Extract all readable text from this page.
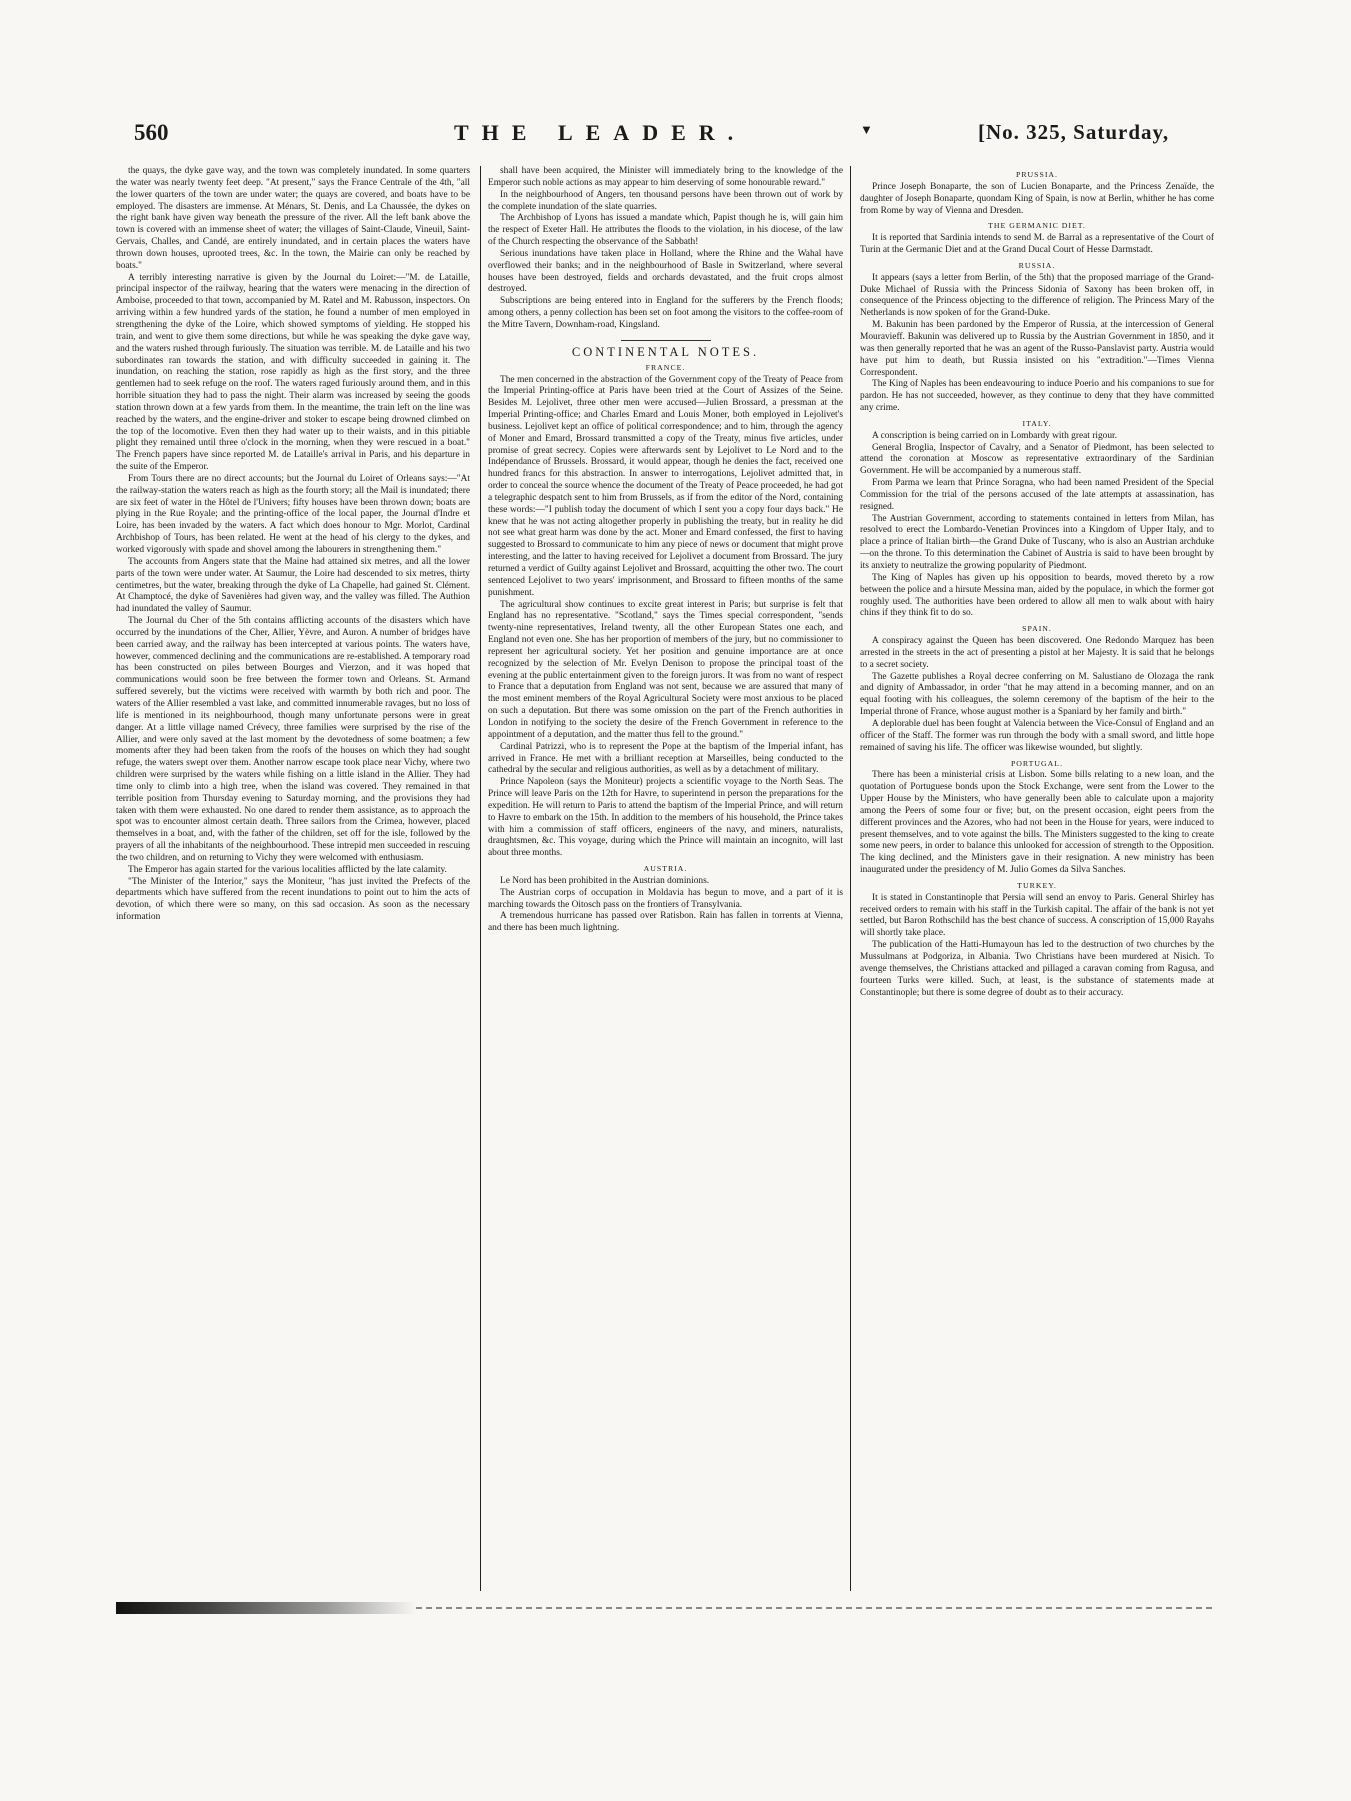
560	THE LEADER.	▼	[No. 325, Saturday,

the quays, the dyke gave way, and the town was completely inundated. In some quarters the water was nearly twenty feet deep. "At present," says the France Centrale of the 4th, "all the lower quarters of the town are under water; the quays are covered, and boats have to be employed. The disasters are immense. At Ménars, St. Denis, and La Chaussée, the dykes on the right bank have given way beneath the pressure of the river. All the left bank above the town is covered with an immense sheet of water; the villages of Saint-Claude, Vineuil, Saint-Gervais, Challes, and Candé, are entirely inundated, and in certain places the waters have thrown down houses, uprooted trees, &c. In the town, the Mairie can only be reached by boats."

A terribly interesting narrative is given by the Journal du Loiret:—"M. de Lataille, principal inspector of the railway, hearing that the waters were menacing in the direction of Amboise, proceeded to that town, accompanied by M. Ratel and M. Rabusson, inspectors. On arriving within a few hundred yards of the station, he found a number of men employed in strengthening the dyke of the Loire, which showed symptoms of yielding. He stopped his train, and went to give them some directions, but while he was speaking the dyke gave way, and the waters rushed through furiously. The situation was terrible. M. de Lataille and his two subordinates ran towards the station, and with difficulty succeeded in gaining it. The inundation, on reaching the station, rose rapidly as high as the first story, and the three gentlemen had to seek refuge on the roof. The waters raged furiously around them, and in this horrible situation they had to pass the night. Their alarm was increased by seeing the goods station thrown down at a few yards from them. In the meantime, the train left on the line was reached by the waters, and the engine-driver and stoker to escape being drowned climbed on the top of the locomotive. Even then they had water up to their waists, and in this pitiable plight they remained until three o'clock in the morning, when they were rescued in a boat." The French papers have since reported M. de Lataille's arrival in Paris, and his departure in the suite of the Emperor.

From Tours there are no direct accounts; but the Journal du Loiret of Orleans says:—"At the railway-station the waters reach as high as the fourth story; all the Mail is inundated; there are six feet of water in the Hôtel de l'Univers; fifty houses have been thrown down; boats are plying in the Rue Royale; and the printing-office of the local paper, the Journal d'Indre et Loire, has been invaded by the waters. A fact which does honour to Mgr. Morlot, Cardinal Archbishop of Tours, has been related. He went at the head of his clergy to the dykes, and worked vigorously with spade and shovel among the labourers in strengthening them."

The accounts from Angers state that the Maine had attained six metres, and all the lower parts of the town were under water. At Saumur, the Loire had descended to six metres, thirty centimetres, but the water, breaking through the dyke of La Chapelle, had gained St. Clément. At Champtocé, the dyke of Savenières had given way, and the valley was filled. The Authion had inundated the valley of Saumur.

The Journal du Cher of the 5th contains afflicting accounts of the disasters which have occurred by the inundations of the Cher, Allier, Yèvre, and Auron. A number of bridges have been carried away, and the railway has been intercepted at various points. The waters have, however, commenced declining and the communications are re-established. A temporary road has been constructed on piles between Bourges and Vierzon, and it was hoped that communications would soon be free between the former town and Orleans. St. Armand suffered severely, but the victims were received with warmth by both rich and poor. The waters of the Allier resembled a vast lake, and committed innumerable ravages, but no loss of life is mentioned in its neighbourhood, though many unfortunate persons were in great danger. At a little village named Crévecy, three families were surprised by the rise of the Allier, and were only saved at the last moment by the devotedness of some boatmen; a few moments after they had been taken from the roofs of the houses on which they had sought refuge, the waters swept over them. Another narrow escape took place near Vichy, where two children were surprised by the waters while fishing on a little island in the Allier. They had time only to climb into a high tree, when the island was covered. They remained in that terrible position from Thursday evening to Saturday morning, and the provisions they had taken with them were exhausted. No one dared to render them assistance, as to approach the spot was to encounter almost certain death. Three sailors from the Crimea, however, placed themselves in a boat, and, with the father of the children, set off for the isle, followed by the prayers of all the inhabitants of the neighbourhood. These intrepid men succeeded in rescuing the two children, and on returning to Vichy they were welcomed with enthusiasm.

The Emperor has again started for the various localities afflicted by the late calamity.

"The Minister of the Interior," says the Moniteur, "has just invited the Prefects of the departments which have suffered from the recent inundations to point out to him the acts of devotion, of which there were so many, on this sad occasion. As soon as the necessary information

shall have been acquired, the Minister will immediately bring to the knowledge of the Emperor such noble actions as may appear to him deserving of some honourable reward."

In the neighbourhood of Angers, ten thousand persons have been thrown out of work by the complete inundation of the slate quarries.

The Archbishop of Lyons has issued a mandate which, Papist though he is, will gain him the respect of Exeter Hall. He attributes the floods to the violation, in his diocese, of the law of the Church respecting the observance of the Sabbath!

Serious inundations have taken place in Holland, where the Rhine and the Wahal have overflowed their banks; and in the neighbourhood of Basle in Switzerland, where several houses have been destroyed, fields and orchards devastated, and the fruit crops almost destroyed.

Subscriptions are being entered into in England for the sufferers by the French floods; among others, a penny collection has been set on foot among the visitors to the coffee-room of the Mitre Tavern, Downham-road, Kingsland.

CONTINENTAL NOTES.

FRANCE.

The men concerned in the abstraction of the Government copy of the Treaty of Peace from the Imperial Printing-office at Paris have been tried at the Court of Assizes of the Seine. Besides M. Lejolivet, three other men were accused—Julien Brossard, a pressman at the Imperial Printing-office; and Charles Emard and Louis Moner, both employed in Lejolivet's business. Lejolivet kept an office of political correspondence; and to him, through the agency of Moner and Emard, Brossard transmitted a copy of the Treaty, minus five articles, under promise of great secrecy. Copies were afterwards sent by Lejolivet to Le Nord and to the Indépendance of Brussels. Brossard, it would appear, though he denies the fact, received one hundred francs for this abstraction. In answer to interrogations, Lejolivet admitted that, in order to conceal the source whence the document of the Treaty of Peace proceeded, he had got a telegraphic despatch sent to him from Brussels, as if from the editor of the Nord, containing these words:—"I publish today the document of which I sent you a copy four days back." He knew that he was not acting altogether properly in publishing the treaty, but in reality he did not see what great harm was done by the act. Moner and Emard confessed, the first to having suggested to Brossard to communicate to him any piece of news or document that might prove interesting, and the latter to having received for Lejolivet a document from Brossard. The jury returned a verdict of Guilty against Lejolivet and Brossard, acquitting the other two. The court sentenced Lejolivet to two years' imprisonment, and Brossard to fifteen months of the same punishment.

The agricultural show continues to excite great interest in Paris; but surprise is felt that England has no representative. "Scotland," says the Times special correspondent, "sends twenty-nine representatives, Ireland twenty, all the other European States one each, and England not even one. She has her proportion of members of the jury, but no commissioner to represent her agricultural society. Yet her position and genuine importance are at once recognized by the selection of Mr. Evelyn Denison to propose the principal toast of the evening at the public entertainment given to the foreign jurors. It was from no want of respect to France that a deputation from England was not sent, because we are assured that many of the most eminent members of the Royal Agricultural Society were most anxious to be placed on such a deputation. But there was some omission on the part of the French authorities in London in notifying to the society the desire of the French Government in reference to the appointment of a deputation, and the matter thus fell to the ground."

Cardinal Patrizzi, who is to represent the Pope at the baptism of the Imperial infant, has arrived in France. He met with a brilliant reception at Marseilles, being conducted to the cathedral by the secular and religious authorities, as well as by a detachment of military.

Prince Napoleon (says the Moniteur) projects a scientific voyage to the North Seas. The Prince will leave Paris on the 12th for Havre, to superintend in person the preparations for the expedition. He will return to Paris to attend the baptism of the Imperial Prince, and will return to Havre to embark on the 15th. In addition to the members of his household, the Prince takes with him a commission of staff officers, engineers of the navy, and miners, naturalists, draughtsmen, &c. This voyage, during which the Prince will maintain an incognito, will last about three months.

AUSTRIA.

Le Nord has been prohibited in the Austrian dominions.

The Austrian corps of occupation in Moldavia has begun to move, and a part of it is marching towards the Oitosch pass on the frontiers of Transylvania.

A tremendous hurricane has passed over Ratisbon. Rain has fallen in torrents at Vienna, and there has been much lightning.

PRUSSIA.

Prince Joseph Bonaparte, the son of Lucien Bonaparte, and the Princess Zenaïde, the daughter of Joseph Bonaparte, quondam King of Spain, is now at Berlin, whither he has come from Rome by way of Vienna and Dresden.

THE GERMANIC DIET.

It is reported that Sardinia intends to send M. de Barral as a representative of the Court of Turin at the Germanic Diet and at the Grand Ducal Court of Hesse Darmstadt.

RUSSIA.

It appears (says a letter from Berlin, of the 5th) that the proposed marriage of the Grand-Duke Michael of Russia with the Princess Sidonia of Saxony has been broken off, in consequence of the Princess objecting to the difference of religion. The Princess Mary of the Netherlands is now spoken of for the Grand-Duke.

M. Bakunin has been pardoned by the Emperor of Russia, at the intercession of General Mouravieff. Bakunin was delivered up to Russia by the Austrian Government in 1850, and it was then generally reported that he was an agent of the Russo-Panslavist party. Austria would have put him to death, but Russia insisted on his "extradition."—Times Vienna Correspondent.

The King of Naples has been endeavouring to induce Poerio and his companions to sue for pardon. He has not succeeded, however, as they continue to deny that they have committed any crime.

ITALY.

A conscription is being carried on in Lombardy with great rigour.

General Broglia, Inspector of Cavalry, and a Senator of Piedmont, has been selected to attend the coronation at Moscow as representative extraordinary of the Sardinian Government. He will be accompanied by a numerous staff.

From Parma we learn that Prince Soragna, who had been named President of the Special Commission for the trial of the persons accused of the late attempts at assassination, has resigned.

The Austrian Government, according to statements contained in letters from Milan, has resolved to erect the Lombardo-Venetian Provinces into a Kingdom of Upper Italy, and to place a prince of Italian birth—the Grand Duke of Tuscany, who is also an Austrian archduke—on the throne. To this determination the Cabinet of Austria is said to have been brought by its anxiety to neutralize the growing popularity of Piedmont.

The King of Naples has given up his opposition to beards, moved thereto by a row between the police and a hirsute Messina man, aided by the populace, in which the former got roughly used. The authorities have been ordered to allow all men to walk about with hairy chins if they think fit to do so.

SPAIN.

A conspiracy against the Queen has been discovered. One Redondo Marquez has been arrested in the streets in the act of presenting a pistol at her Majesty. It is said that he belongs to a secret society.

The Gazette publishes a Royal decree conferring on M. Salustiano de Olozaga the rank and dignity of Ambassador, in order "that he may attend in a becoming manner, and on an equal footing with his colleagues, the solemn ceremony of the baptism of the heir to the Imperial throne of France, whose august mother is a Spaniard by her family and birth."

A deplorable duel has been fought at Valencia between the Vice-Consul of England and an officer of the Staff. The former was run through the body with a small sword, and little hope remained of saving his life. The officer was likewise wounded, but slightly.

PORTUGAL.

There has been a ministerial crisis at Lisbon. Some bills relating to a new loan, and the quotation of Portuguese bonds upon the Stock Exchange, were sent from the Lower to the Upper House by the Ministers, who have generally been able to calculate upon a majority among the Peers of some four or five; but, on the present occasion, eight peers from the different provinces and the Azores, who had not been in the House for years, were induced to present themselves, and to vote against the bills. The Ministers suggested to the king to create some new peers, in order to balance this unlooked for accession of strength to the Opposition. The king declined, and the Ministers gave in their resignation. A new ministry has been inaugurated under the presidency of M. Julio Gomes da Silva Sanches.

TURKEY.

It is stated in Constantinople that Persia will send an envoy to Paris. General Shirley has received orders to remain with his staff in the Turkish capital. The affair of the bank is not yet settled, but Baron Rothschild has the best chance of success. A conscription of 15,000 Rayahs will shortly take place.

The publication of the Hatti-Humayoun has led to the destruction of two churches by the Mussulmans at Podgoriza, in Albania. Two Christians have been murdered at Nisich. To avenge themselves, the Christians attacked and pillaged a caravan coming from Ragusa, and fourteen Turks were killed. Such, at least, is the substance of statements made at Constantinople; but there is some degree of doubt as to their accuracy.
